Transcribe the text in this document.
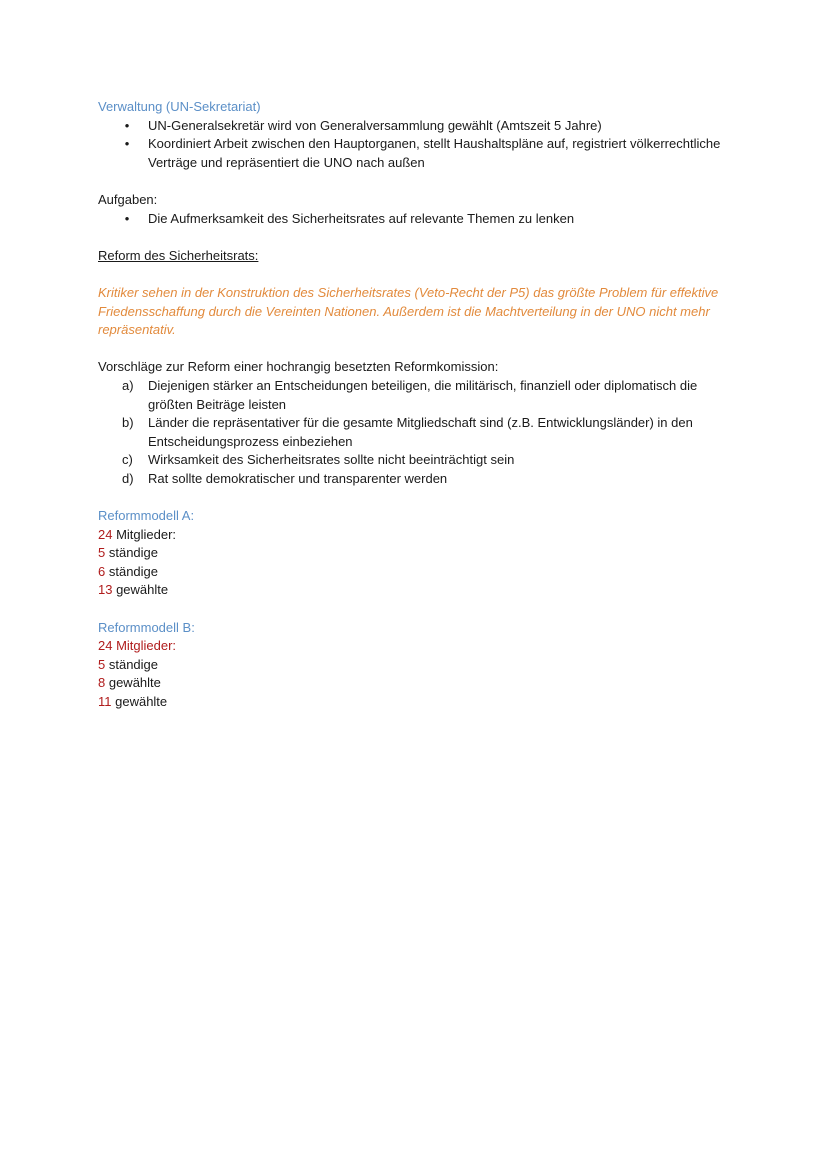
Verwaltung (UN-Sekretariat)
• UN-Generalsekretär wird von Generalversammlung gewählt (Amtszeit 5 Jahre)
• Koordiniert Arbeit zwischen den Hauptorganen, stellt Haushaltspläne auf, registriert völkerrechtliche Verträge und repräsentiert die UNO nach außen
Aufgaben:
• Die Aufmerksamkeit des Sicherheitsrates auf relevante Themen zu lenken
Reform des Sicherheitsrats:
Kritiker sehen in der Konstruktion des Sicherheitsrates (Veto-Recht der P5) das größte Problem für effektive Friedensschaffung durch die Vereinten Nationen. Außerdem ist die Machtverteilung in der UNO nicht mehr repräsentativ.
Vorschläge zur Reform einer hochrangig besetzten Reformkomission:
a) Diejenigen stärker an Entscheidungen beteiligen, die militärisch, finanziell oder diplomatisch die größten Beiträge leisten
b) Länder die repräsentativer für die gesamte Mitgliedschaft sind (z.B. Entwicklungsländer) in den Entscheidungsprozess einbeziehen
c) Wirksamkeit des Sicherheitsrates sollte nicht beeinträchtigt sein
d) Rat sollte demokratischer und transparenter werden
Reformmodell A:
24 Mitglieder:
5 ständige
6 ständige
13 gewählte
Reformmodell B:
24 Mitglieder:
5 ständige
8 gewählte
11 gewählte
